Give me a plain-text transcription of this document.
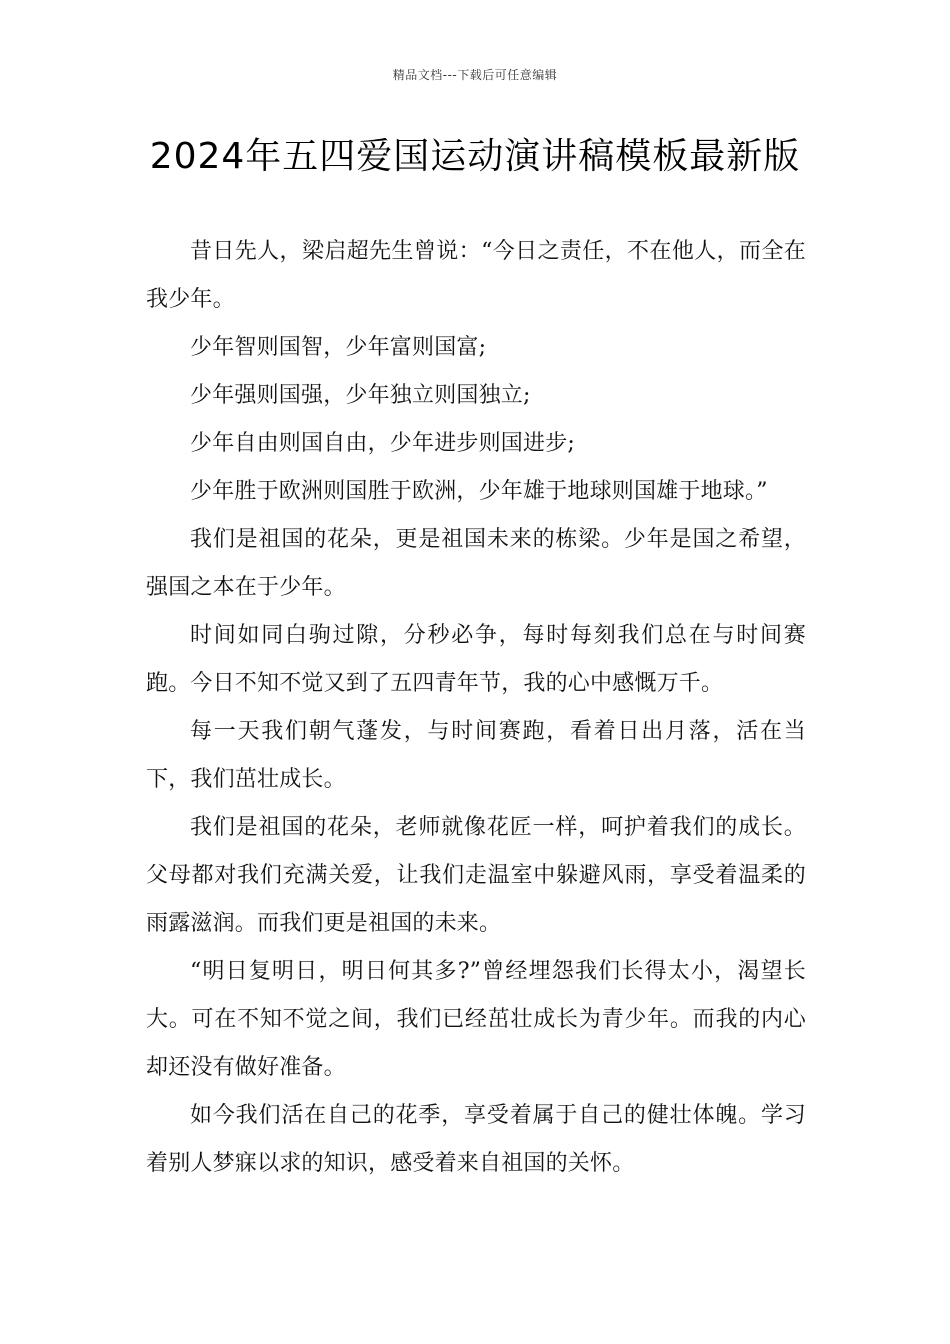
精品文档---下载后可任意编辑
2024年五四爱国运动演讲稿模板最新版

昔日先人，梁启超先生曾说：“今日之责任，不在他人，而全在我少年。

少年智则国智，少年富则国富;

少年强则国强，少年独立则国独立;

少年自由则国自由，少年进步则国进步;

少年胜于欧洲则国胜于欧洲，少年雄于地球则国雄于地球。”

我们是祖国的花朵，更是祖国未来的栋梁。少年是国之希望，强国之本在于少年。

时间如同白驹过隙，分秒必争，每时每刻我们总在与时间赛跑。今日不知不觉又到了五四青年节，我的心中感慨万千。

每一天我们朝气蓬发，与时间赛跑，看着日出月落，活在当下，我们茁壮成长。

我们是祖国的花朵，老师就像花匠一样，呵护着我们的成长。父母都对我们充满关爱，让我们走温室中躲避风雨，享受着温柔的雨露滋润。而我们更是祖国的未来。

“明日复明日，明日何其多?”曾经埋怨我们长得太小，渴望长大。可在不知不觉之间，我们已经茁壮成长为青少年。而我的内心却还没有做好准备。

如今我们活在自己的花季，享受着属于自己的健壮体魄。学习着别人梦寐以求的知识，感受着来自祖国的关怀。
